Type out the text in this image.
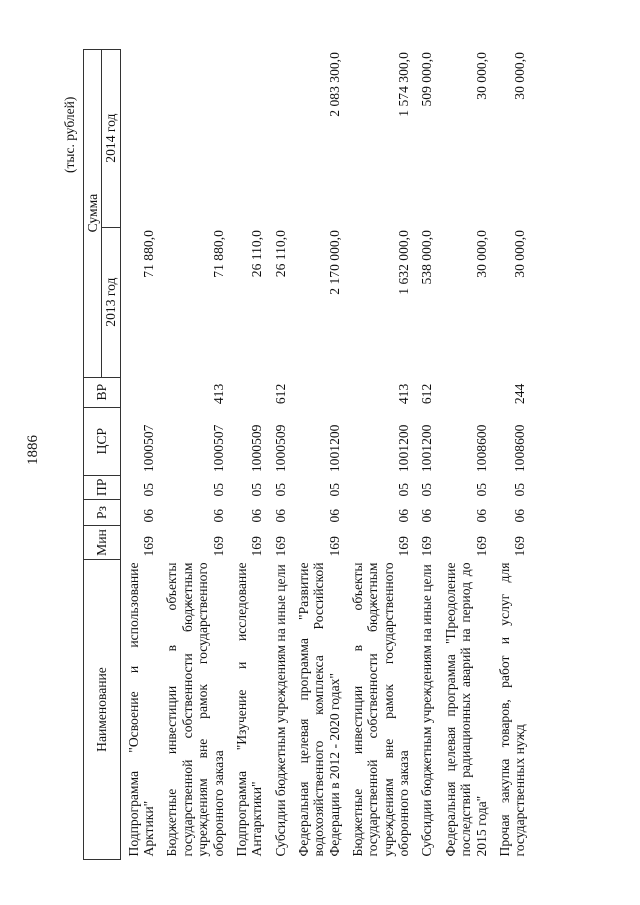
1886
(тыс. рублей)
Наименование	Мин	Рз	ПР	ЦСР	ВР	Сумма	
						2013 год	2014 год
Подпрограмма "Освоение и использование Арктики"	169	06	05	1000507		71 880,0	
Бюджетные инвестиции в объекты государственной собственности бюджетным учреждениям вне рамок государственного оборонного заказа	169	06	05	1000507	413	71 880,0	
Подпрограмма "Изучение и исследование Антарктики"	169	06	05	1000509		26 110,0	
Субсидии бюджетным учреждениям на иные цели	169	06	05	1000509	612	26 110,0	
Федеральная целевая программа "Развитие водохозяйственного комплекса Российской Федерации в 2012 - 2020 годах"	169	06	05	1001200		2 170 000,0	2 083 300,0
Бюджетные инвестиции в объекты государственной собственности бюджетным учреждениям вне рамок государственного оборонного заказа	169	06	05	1001200	413	1 632 000,0	1 574 300,0
Субсидии бюджетным учреждениям на иные цели	169	06	05	1001200	612	538 000,0	509 000,0
Федеральная целевая программа "Преодоление последствий радиационных аварий на период до 2015 года"	169	06	05	1008600		30 000,0	30 000,0
Прочая закупка товаров, работ и услуг для государственных нужд	169	06	05	1008600	244	30 000,0	30 000,0
